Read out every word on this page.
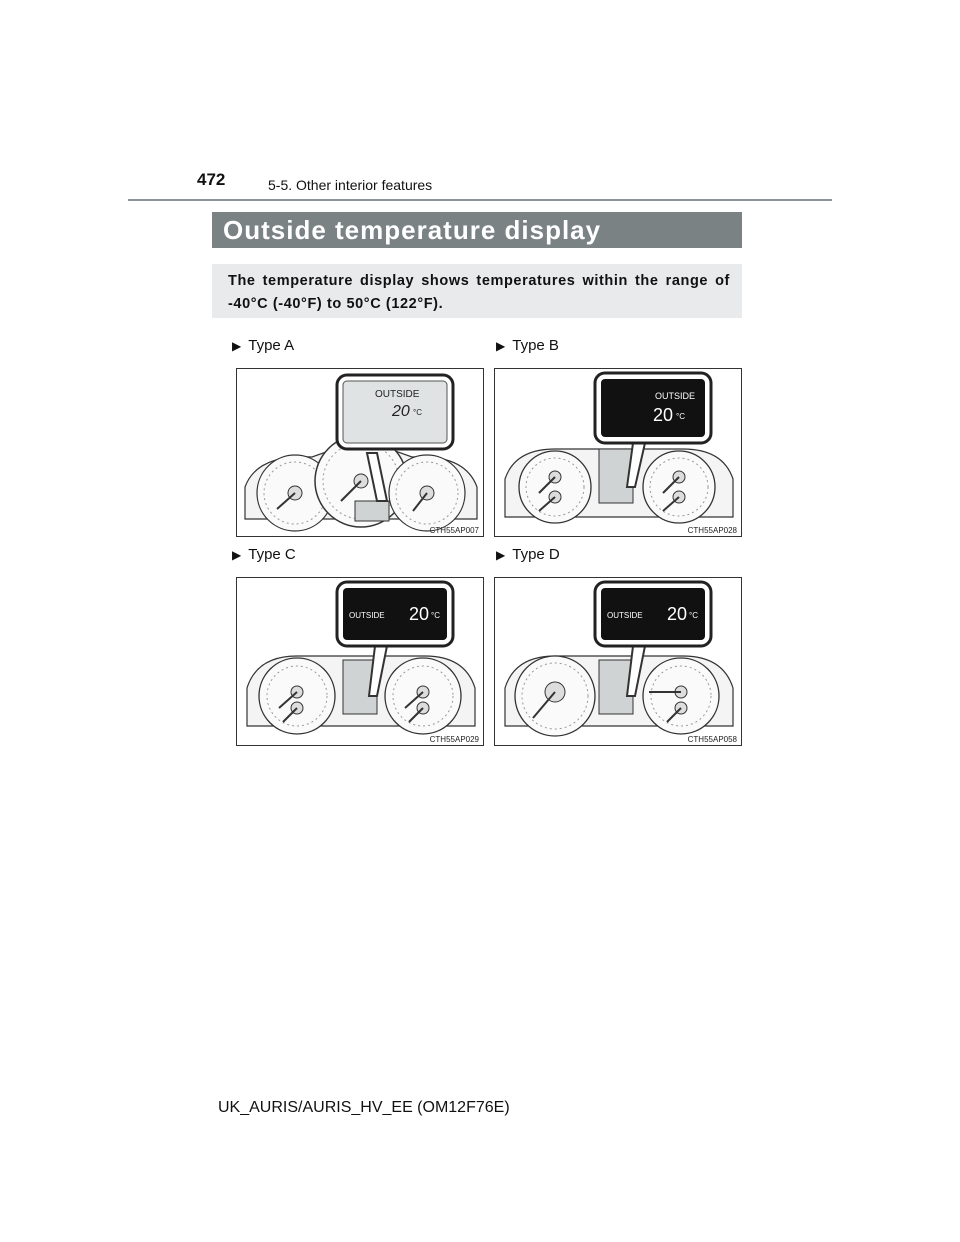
472	5-5. Other interior features
Outside temperature display
The temperature display shows temperatures within the range of -40°C (-40°F) to 50°C (122°F).
▶ Type A
OUTSIDE
20 °C
CTH55AP007
▶ Type B
OUTSIDE
20 °C
CTH55AP028
▶ Type C
OUTSIDE 20 °C
CTH55AP029
▶ Type D
OUTSIDE 20 °C
CTH55AP058
UK_AURIS/AURIS_HV_EE (OM12F76E)
